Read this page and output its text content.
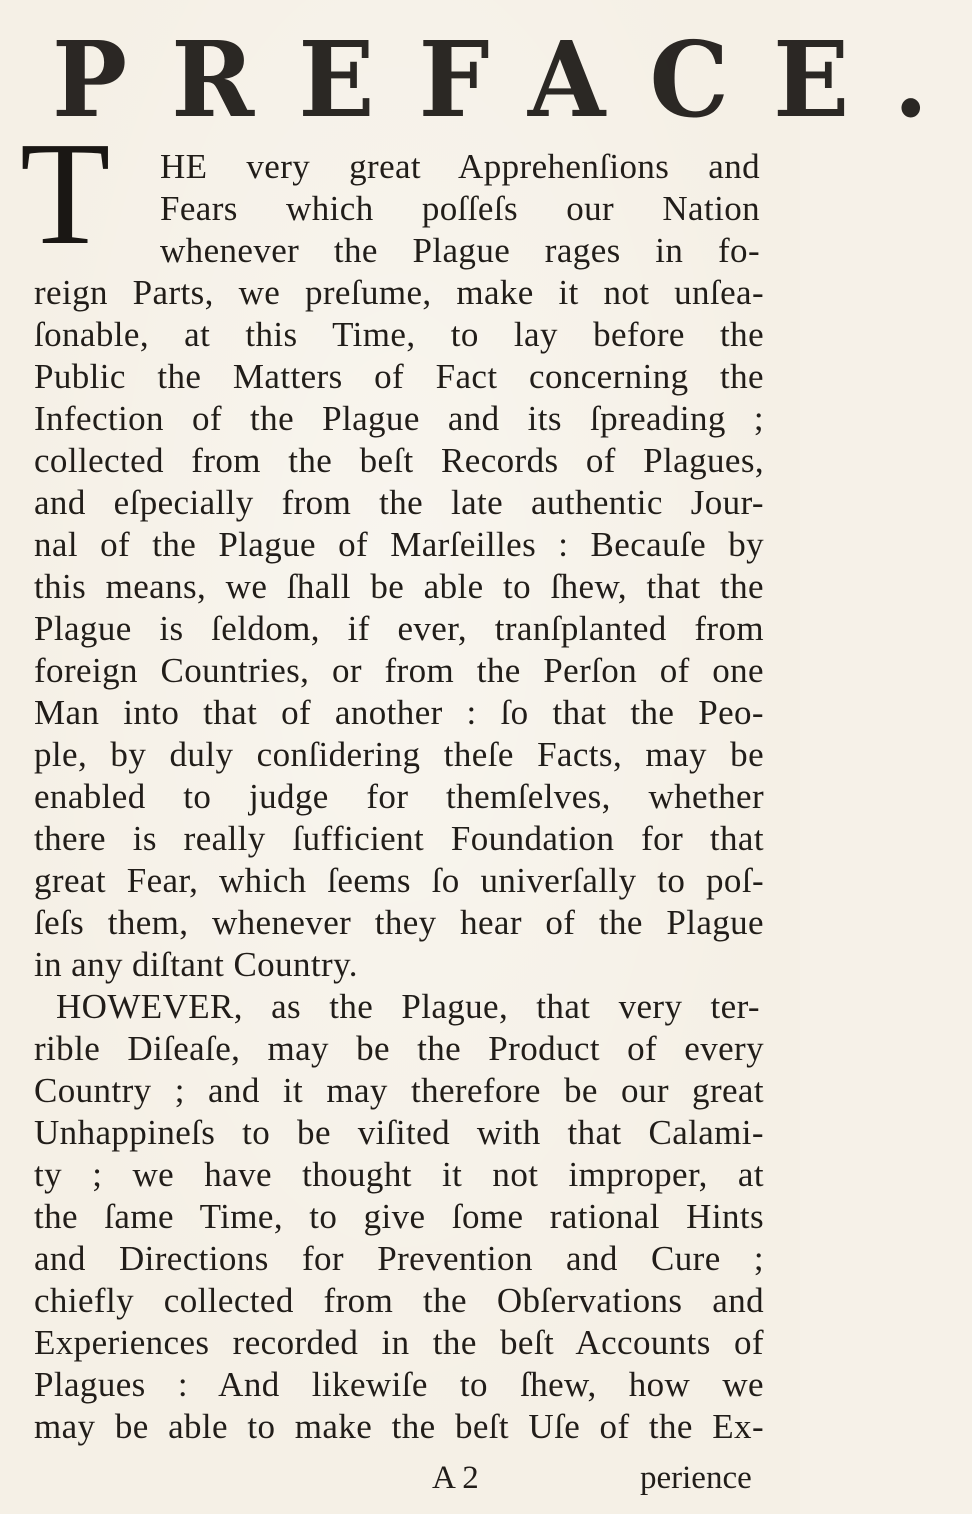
PREFACE.
T HE very great Apprehenſions and
Fears which poſſeſs our Nation
whenever the Plague rages in fo-
reign Parts, we preſume, make it not unſea-
ſonable, at this Time, to lay before the
Public the Matters of Fact concerning the
Infection of the Plague and its ſpreading ;
collected from the beſt Records of Plagues,
and eſpecially from the late authentic Jour-
nal of the Plague of Marſeilles : Becauſe by
this means, we ſhall be able to ſhew, that the
Plague is ſeldom, if ever, tranſplanted from
foreign Countries, or from the Perſon of one
Man into that of another : ſo that the Peo-
ple, by duly conſidering theſe Facts, may be
enabled to judge for themſelves, whether
there is really ſufficient Foundation for that
great Fear, which ſeems ſo univerſally to poſ-
ſeſs them, whenever they hear of the Plague
in any diſtant Country.
HOWEVER, as the Plague, that very ter-
rible Diſeaſe, may be the Product of every
Country ; and it may therefore be our great
Unhappineſs to be viſited with that Calami-
ty ; we have thought it not improper, at
the ſame Time, to give ſome rational Hints
and Directions for Prevention and Cure ;
chiefly collected from the Obſervations and
Experiences recorded in the beſt Accounts of
Plagues : And likewiſe to ſhew, how we
may be able to make the beſt Uſe of the Ex-
A 2	perience
